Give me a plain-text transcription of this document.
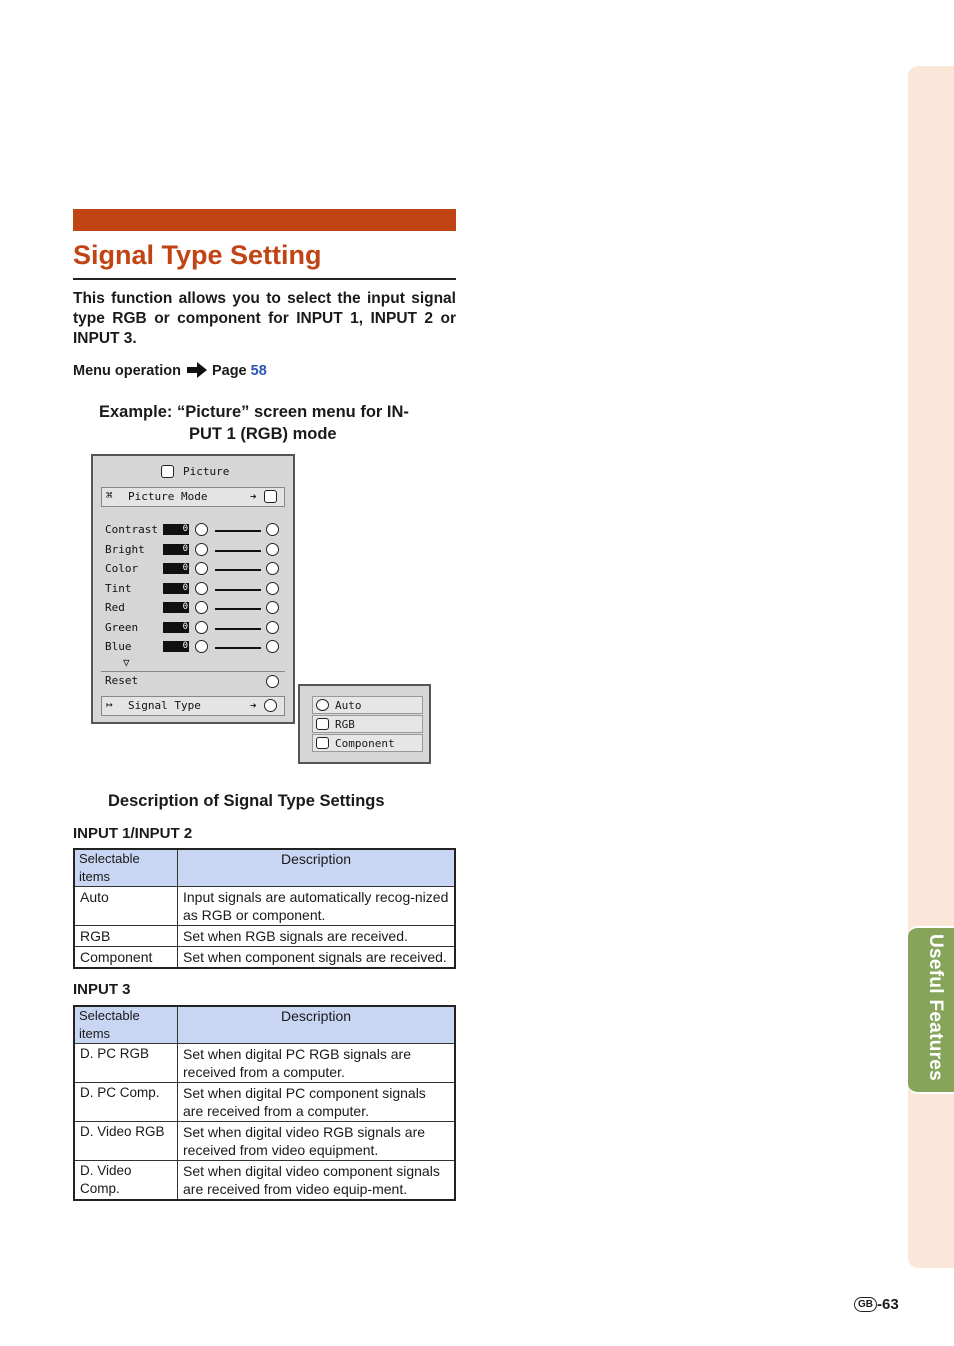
Useful Features
Signal Type Setting
This function allows you to select the input signal type RGB or component for INPUT 1, INPUT 2 or INPUT 3.
Menu operation Page 58
Example: “Picture” screen menu for IN-
PUT 1 (RGB) mode
Picture
⌘ Picture Mode	➔
Contrast	0
Bright	0
Color	0
Tint	0
Red	0
Green	0
Blue	0
▽
Reset
↦ Signal Type	➔	Auto
RGB
Component
Description of Signal Type Settings
INPUT 1/INPUT 2
Selectable items	Description
Auto	Input signals are automatically recog-nized as RGB or component.
RGB	Set when RGB signals are received.
Component	Set when component signals are received.
INPUT 3
Selectable items	Description
D. PC RGB	Set when digital PC RGB signals are received from a computer.
D. PC Comp.	Set when digital PC component signals are received from a computer.
D. Video RGB	Set when digital video RGB signals are received from video equipment.
D. Video Comp.	Set when digital video component signals are received from video equip-ment.
GB -63
